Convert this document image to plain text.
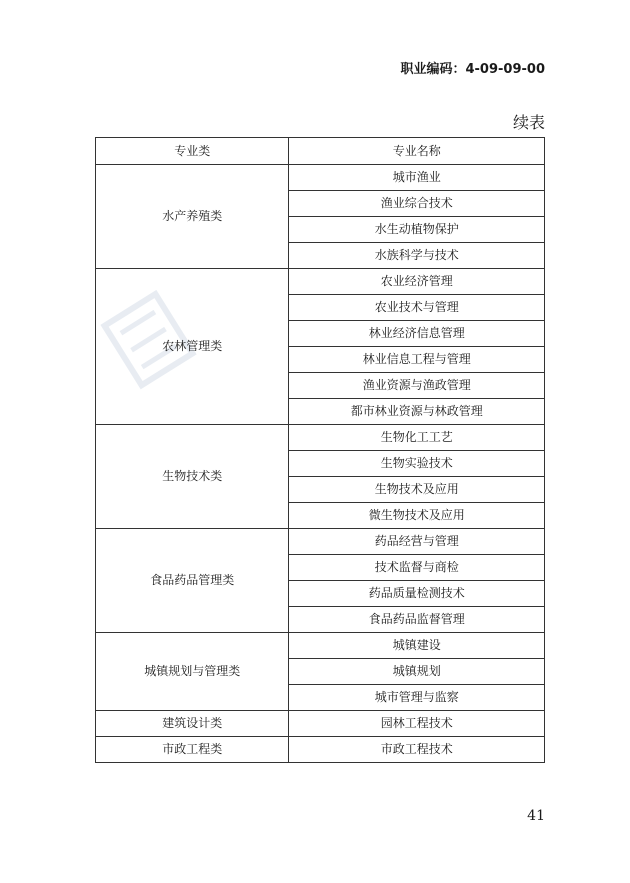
职业编码：4-09-09-00
续表
专业类	专业名称
水产养殖类	城市渔业
	渔业综合技术
	水生动植物保护
	水族科学与技术
农林管理类	农业经济管理
	农业技术与管理
	林业经济信息管理
	林业信息工程与管理
	渔业资源与渔政管理
	都市林业资源与林政管理
生物技术类	生物化工工艺
	生物实验技术
	生物技术及应用
	微生物技术及应用
食品药品管理类	药品经营与管理
	技术监督与商检
	药品质量检测技术
	食品药品监督管理
城镇规划与管理类	城镇建设
	城镇规划
	城市管理与监察
建筑设计类	园林工程技术
市政工程类	市政工程技术
41
